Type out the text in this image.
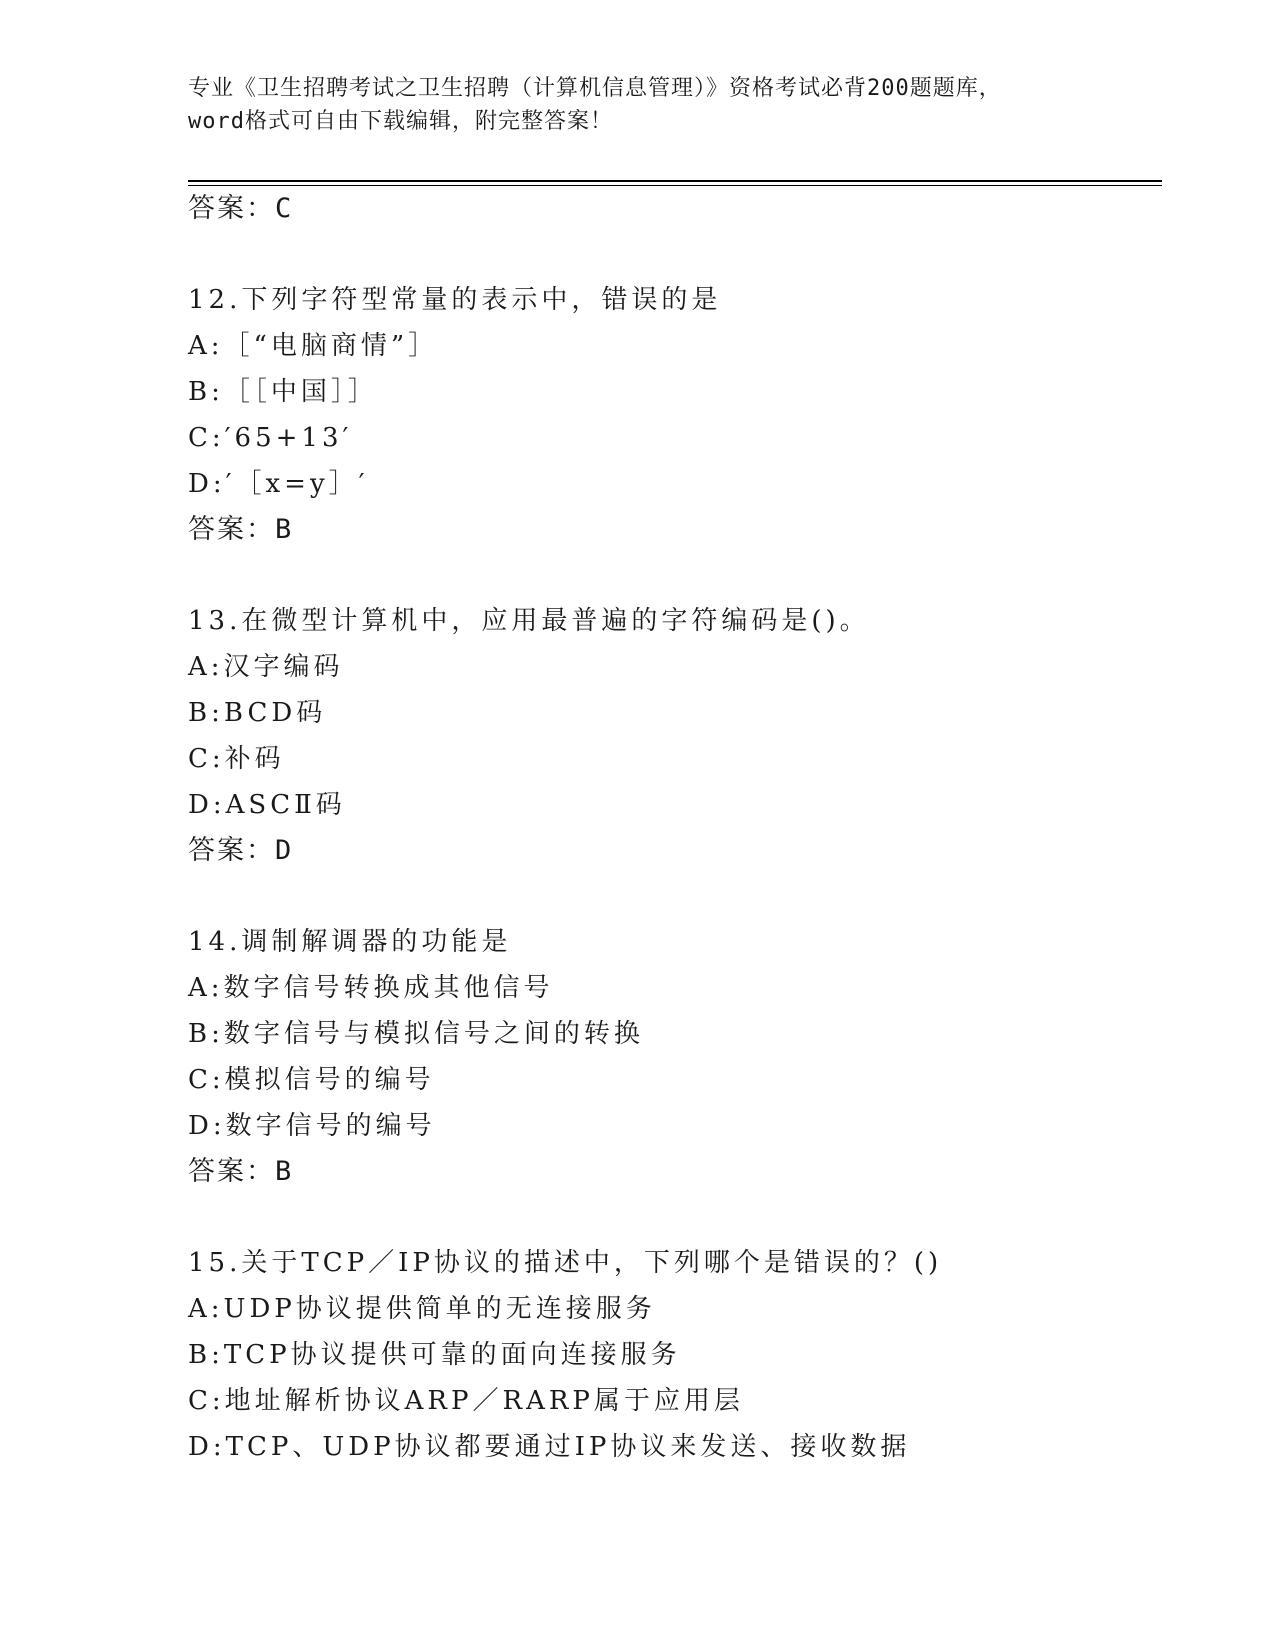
专业《卫生招聘考试之卫生招聘（计算机信息管理）》资格考试必背200题题库，
word格式可自由下载编辑，附完整答案！
答案：C
12.下列字符型常量的表示中，错误的是
A:［“电脑商情”］
B:［［中国］］
C:′65+13′
D:′［x=y］′
答案：B
13.在微型计算机中，应用最普遍的字符编码是()。
A:汉字编码
B:BCD码
C:补码
D:ASCⅡ码
答案：D
14.调制解调器的功能是
A:数字信号转换成其他信号
B:数字信号与模拟信号之间的转换
C:模拟信号的编号
D:数字信号的编号
答案：B
15.关于TCP／IP协议的描述中，下列哪个是错误的？()
A:UDP协议提供简单的无连接服务
B:TCP协议提供可靠的面向连接服务
C:地址解析协议ARP／RARP属于应用层
D:TCP、UDP协议都要通过IP协议来发送、接收数据
